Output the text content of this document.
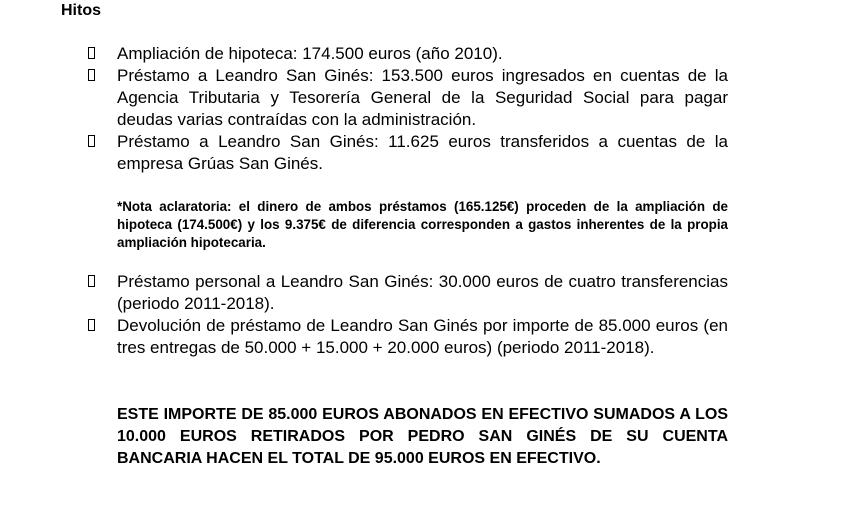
Hitos
Ampliación de hipoteca: 174.500 euros (año 2010).
Préstamo a Leandro San Ginés: 153.500 euros ingresados en cuentas de la Agencia Tributaria y Tesorería General de la Seguridad Social para pagar deudas varias contraídas con la administración.
Préstamo a Leandro San Ginés: 11.625 euros transferidos a cuentas de la empresa Grúas San Ginés.

*Nota aclaratoria: el dinero de ambos préstamos (165.125€) proceden de la ampliación de hipoteca (174.500€) y los 9.375€ de diferencia corresponden a gastos inherentes de la propia ampliación hipotecaria.

Préstamo personal a Leandro San Ginés: 30.000 euros de cuatro transferencias (periodo 2011-2018).
Devolución de préstamo de Leandro San Ginés por importe de 85.000 euros (en tres entregas de 50.000 + 15.000 + 20.000 euros) (periodo 2011-2018).

ESTE IMPORTE DE 85.000 EUROS ABONADOS EN EFECTIVO SUMADOS A LOS 10.000 EUROS RETIRADOS POR PEDRO SAN GINÉS DE SU CUENTA BANCARIA HACEN EL TOTAL DE 95.000 EUROS EN EFECTIVO.
